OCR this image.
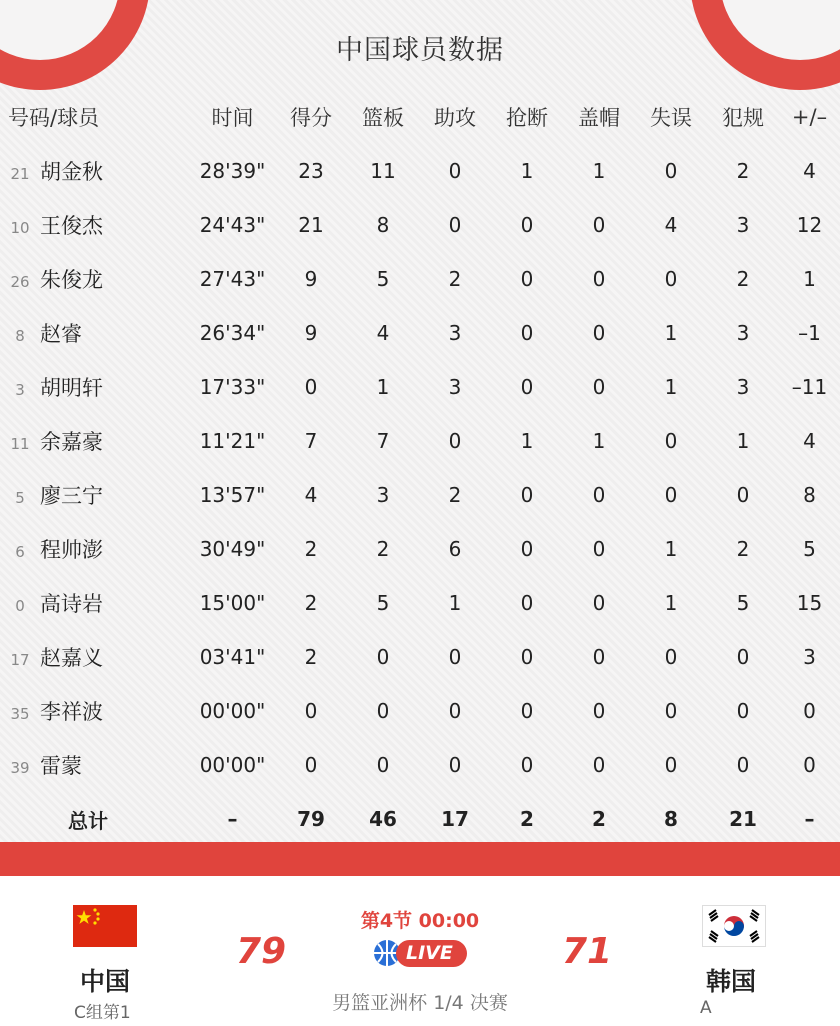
中国球员数据
号码/球员	时间	得分	篮板	助攻	抢断	盖帽	失误	犯规	+/–
21 胡金秋	28'39"	23	11	0	1	1	0	2	4
10 王俊杰	24'43"	21	8	0	0	0	4	3	12
26 朱俊龙	27'43"	9	5	2	0	0	0	2	1
8 赵睿	26'34"	9	4	3	0	0	1	3	–1
3 胡明轩	17'33"	0	1	3	0	0	1	3	–11
11 余嘉豪	11'21"	7	7	0	1	1	0	1	4
5 廖三宁	13'57"	4	3	2	0	0	0	0	8
6 程帅澎	30'49"	2	2	6	0	0	1	2	5
0 高诗岩	15'00"	2	5	1	0	0	1	5	15
17 赵嘉义	03'41"	2	0	0	0	0	0	0	3
35 李祥波	00'00"	0	0	0	0	0	0	0	0
39 雷蒙	00'00"	0	0	0	0	0	0	0	0
总计	–	79	46	17	2	2	8	21	–
中国
C组第1
79
第4节 00:00
LIVE
男篮亚洲杯 1/4 决赛
71
韩国
A
